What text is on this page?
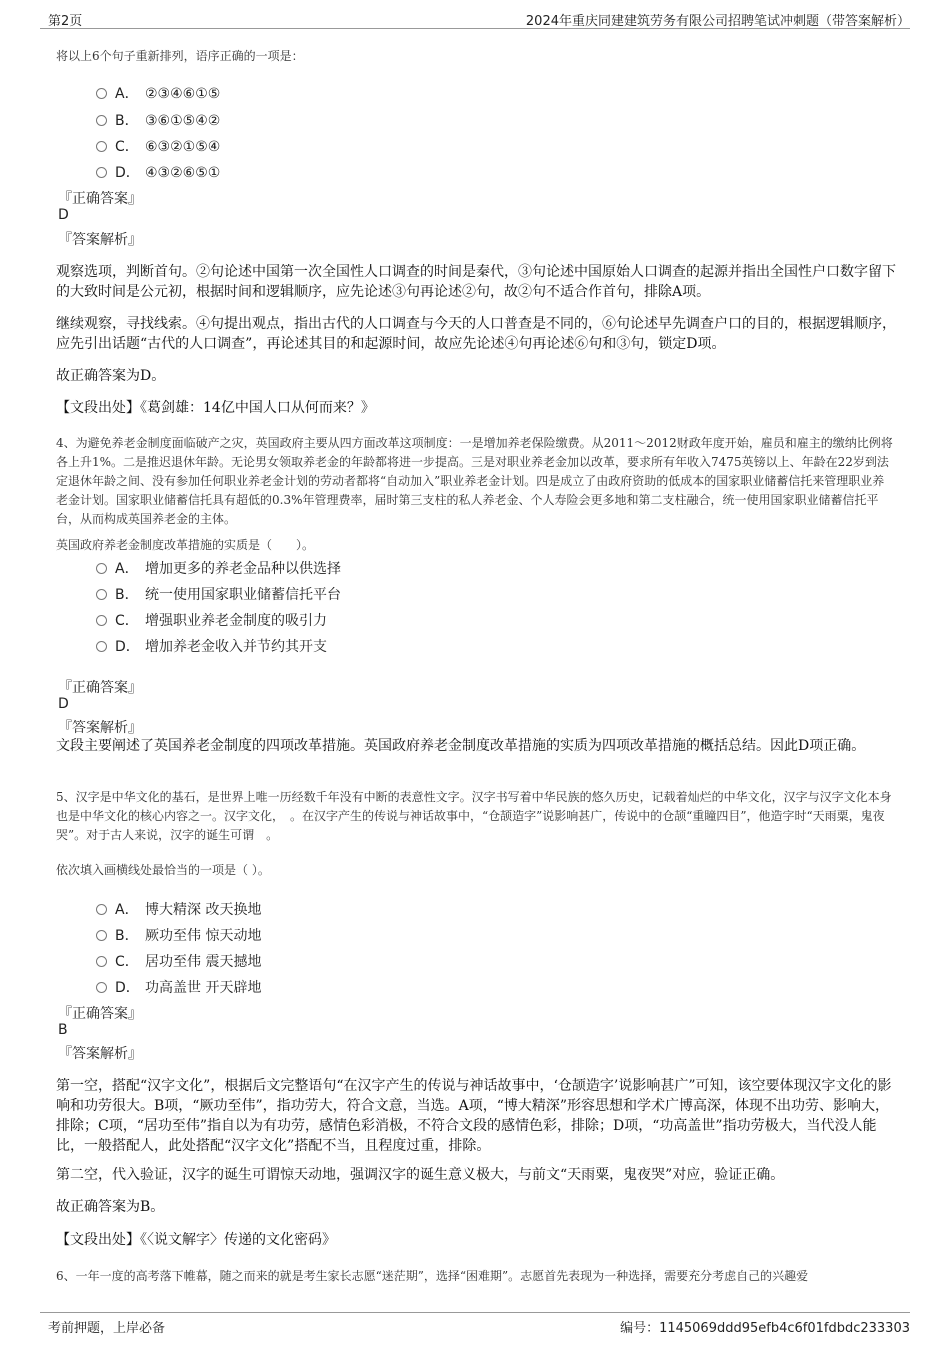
第2页	2024年重庆同建建筑劳务有限公司招聘笔试冲刺题（带答案解析）
将以上6个句子重新排列，语序正确的一项是：
A． ②③④⑥①⑤
B． ③⑥①⑤④②
C． ⑥③②①⑤④
D． ④③②⑥⑤①
『正确答案』
D
『答案解析』
观察选项，判断首句。②句论述中国第一次全国性人口调查的时间是秦代，③句论述中国原始人口调查的起源并指出全国性户口数字留下的大致时间是公元初，根据时间和逻辑顺序，应先论述③句再论述②句，故②句不适合作首句，排除A项。
继续观察，寻找线索。④句提出观点，指出古代的人口调查与今天的人口普查是不同的，⑥句论述早先调查户口的目的，根据逻辑顺序，应先引出话题“古代的人口调查”，再论述其目的和起源时间，故应先论述④句再论述⑥句和③句，锁定D项。
故正确答案为D。
【文段出处】《葛剑雄：14亿中国人口从何而来？》
4、为避免养老金制度面临破产之灾，英国政府主要从四方面改革这项制度：一是增加养老保险缴费。从2011～2012财政年度开始，雇员和雇主的缴纳比例将各上升1%。二是推迟退休年龄。无论男女领取养老金的年龄都将进一步提高。三是对职业养老金加以改革，要求所有年收入7475英镑以上、年龄在22岁到法定退休年龄之间、没有参加任何职业养老金计划的劳动者都将“自动加入”职业养老金计划。四是成立了由政府资助的低成本的国家职业储蓄信托来管理职业养老金计划。国家职业储蓄信托具有超低的0.3%年管理费率，届时第三支柱的私人养老金、个人寿险会更多地和第二支柱融合，统一使用国家职业储蓄信托平台，从而构成英国养老金的主体。
英国政府养老金制度改革措施的实质是（　　）。
A． 增加更多的养老金品种以供选择
B． 统一使用国家职业储蓄信托平台
C． 增强职业养老金制度的吸引力
D． 增加养老金收入并节约其开支
『正确答案』
D
『答案解析』
文段主要阐述了英国养老金制度的四项改革措施。英国政府养老金制度改革措施的实质为四项改革措施的概括总结。因此D项正确。
5、汉字是中华文化的基石，是世界上唯一历经数千年没有中断的表意性文字。汉字书写着中华民族的悠久历史，记载着灿烂的中华文化，汉字与汉字文化本身也是中华文化的核心内容之一。汉字文化，　。在汉字产生的传说与神话故事中，“仓颉造字”说影响甚广，传说中的仓颉“重瞳四目”，他造字时“天雨粟，鬼夜哭”。对于古人来说，汉字的诞生可谓　。
依次填入画横线处最恰当的一项是（ ）。
A． 博大精深 改天换地
B． 厥功至伟 惊天动地
C． 居功至伟 震天撼地
D． 功高盖世 开天辟地
『正确答案』
B
『答案解析』
第一空，搭配“汉字文化”，根据后文完整语句“在汉字产生的传说与神话故事中，‘仓颉造字’说影响甚广”可知，该空要体现汉字文化的影响和功劳很大。B项，“厥功至伟”，指功劳大，符合文意，当选。A项，“博大精深”形容思想和学术广博高深，体现不出功劳、影响大，排除；C项，“居功至伟”指自以为有功劳，感情色彩消极，不符合文段的感情色彩，排除；D项，“功高盖世”指功劳极大，当代没人能比，一般搭配人，此处搭配“汉字文化”搭配不当，且程度过重，排除。
第二空，代入验证，汉字的诞生可谓惊天动地，强调汉字的诞生意义极大，与前文“天雨粟，鬼夜哭”对应，验证正确。
故正确答案为B。
【文段出处】《〈说文解字〉传递的文化密码》
6、一年一度的高考落下帷幕，随之而来的就是考生家长志愿“迷茫期”，选择“困难期”。志愿首先表现为一种选择，需要充分考虑自己的兴趣爱
考前押题，上岸必备	编号：1145069ddd95efb4c6f01fdbdc233303
